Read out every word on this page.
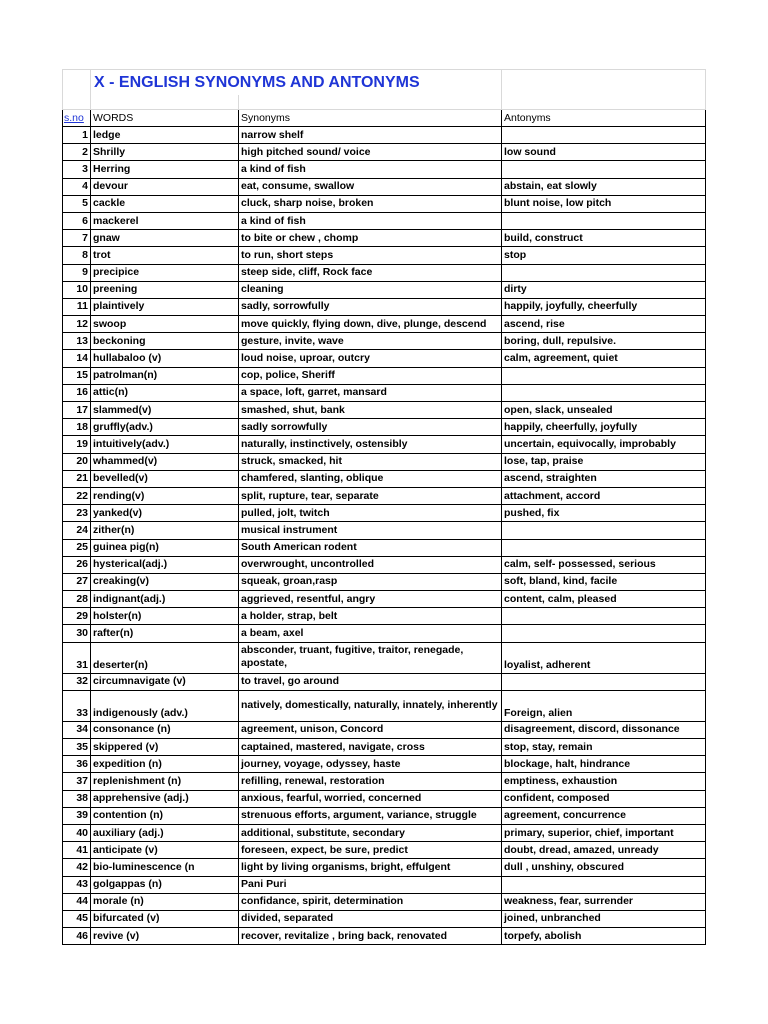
	X - ENGLISH SYNONYMS AND ANTONYMS		

s.no	WORDS	Synonyms	Antonyms
1	ledge	narrow shelf	
2	Shrilly	high pitched sound/ voice	low sound
3	Herring	a kind of fish	
4	devour	eat, consume, swallow	abstain, eat slowly
5	cackle	cluck, sharp noise, broken	blunt noise, low pitch
6	mackerel	a kind of fish	
7	gnaw	to bite or chew , chomp	build, construct
8	trot	to run, short steps	stop
9	precipice	steep side, cliff, Rock face	
10	preening	cleaning	dirty
11	plaintively	sadly, sorrowfully	happily, joyfully, cheerfully
12	swoop	move quickly, flying down, dive, plunge, descend	ascend, rise
13	beckoning	gesture, invite, wave	boring, dull, repulsive.
14	hullabaloo (v)	loud noise, uproar, outcry	calm, agreement, quiet
15	patrolman(n)	cop, police, Sheriff	
16	attic(n)	a space, loft, garret, mansard	
17	slammed(v)	smashed, shut, bank	open, slack, unsealed
18	gruffly(adv.)	sadly sorrowfully	happily, cheerfully, joyfully
19	intuitively(adv.)	naturally, instinctively, ostensibly	uncertain, equivocally, improbably
20	whammed(v)	struck, smacked, hit	lose, tap, praise
21	bevelled(v)	chamfered, slanting, oblique	ascend, straighten
22	rending(v)	split, rupture, tear, separate	attachment, accord
23	yanked(v)	pulled, jolt, twitch	pushed, fix
24	zither(n)	musical instrument	
25	guinea pig(n)	South American rodent	
26	hysterical(adj.)	overwrought, uncontrolled	calm, self- possessed, serious
27	creaking(v)	squeak, groan,rasp	soft, bland, kind, facile
28	indignant(adj.)	aggrieved, resentful, angry	content, calm, pleased
29	holster(n)	a holder, strap, belt	
30	rafter(n)	a beam, axel	
31	deserter(n)	absconder, truant, fugitive, traitor, renegade, apostate,	loyalist, adherent
32	circumnavigate (v)	to travel, go around	
33	indigenously (adv.)	natively, domestically, naturally, innately, inherently	Foreign, alien
34	consonance (n)	agreement, unison, Concord	disagreement, discord, dissonance
35	skippered (v)	captained, mastered, navigate, cross	stop, stay, remain
36	expedition (n)	journey, voyage, odyssey, haste	blockage, halt, hindrance
37	replenishment (n)	refilling, renewal, restoration	emptiness, exhaustion
38	apprehensive (adj.)	anxious, fearful, worried, concerned	confident, composed
39	contention (n)	strenuous efforts, argument, variance, struggle	agreement, concurrence
40	auxiliary (adj.)	additional, substitute, secondary	primary, superior, chief, important
41	anticipate (v)	foreseen, expect, be sure, predict	doubt, dread, amazed, unready
42	bio-luminescence (n	light by living organisms, bright, effulgent	dull , unshiny, obscured
43	golgappas (n)	Pani Puri	
44	morale (n)	confidance, spirit, determination	weakness, fear, surrender
45	bifurcated (v)	divided, separated	joined, unbranched
46	revive (v)	recover, revitalize , bring back, renovated	torpefy, abolish
